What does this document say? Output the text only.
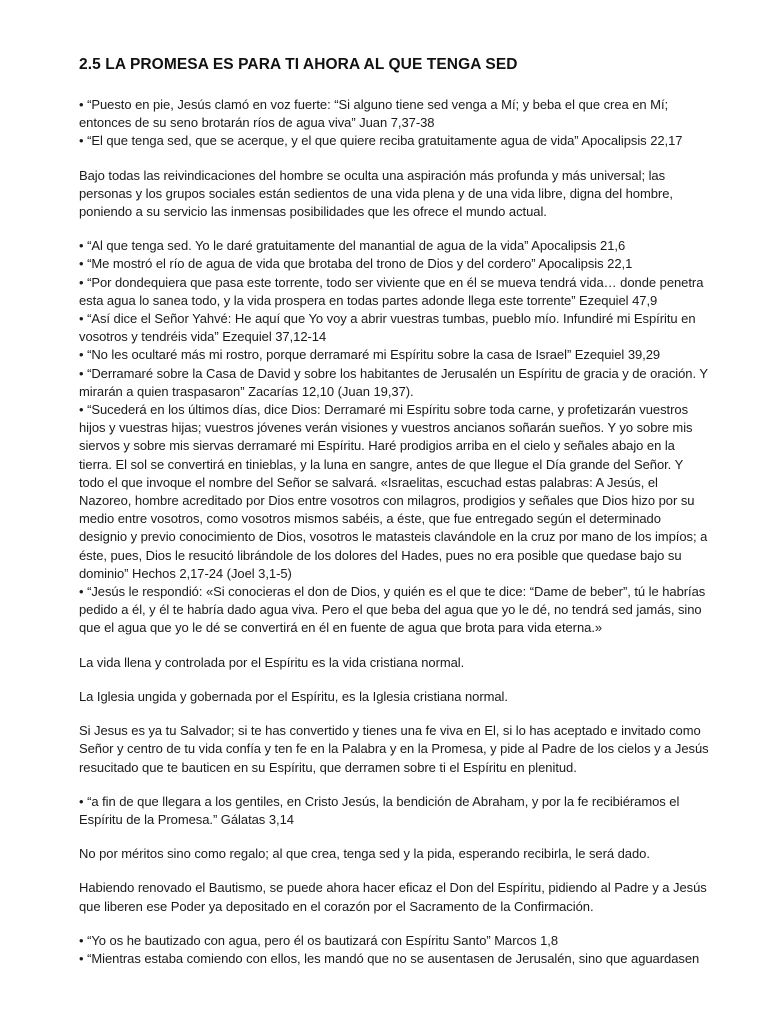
2.5 LA PROMESA ES PARA TI AHORA AL QUE TENGA SED

• “Puesto en pie, Jesús clamó en voz fuerte: “Si alguno tiene sed venga a Mí; y beba el que crea en Mí; entonces de su seno brotarán ríos de agua viva” Juan 7,37-38

• “El que tenga sed, que se acerque, y el que quiere reciba gratuitamente agua de vida” Apocalipsis 22,17

Bajo todas las reivindicaciones del hombre se oculta una aspiración más profunda y más universal; las personas y los grupos sociales están sedientos de una vida plena y de una vida libre, digna del hombre, poniendo a su servicio las inmensas posibilidades que les ofrece el mundo actual.

• “Al que tenga sed. Yo le daré gratuitamente del manantial de agua de la vida” Apocalipsis 21,6

• “Me mostró el río de agua de vida que brotaba del trono de Dios y del cordero” Apocalipsis 22,1

• “Por dondequiera que pasa este torrente, todo ser viviente que en él se mueva tendrá vida… donde penetra esta agua lo sanea todo, y la vida prospera en todas partes adonde llega este torrente” Ezequiel 47,9

• “Así dice el Señor Yahvé: He aquí que Yo voy a abrir vuestras tumbas, pueblo mío. Infundiré mi Espíritu en vosotros y tendréis vida” Ezequiel 37,12-14

• “No les ocultaré más mi rostro, porque derramaré mi Espíritu sobre la casa de Israel” Ezequiel 39,29

• “Derramaré sobre la Casa de David y sobre los habitantes de Jerusalén un Espíritu de gracia y de oración. Y mirarán a quien traspasaron” Zacarías 12,10 (Juan 19,37).

• “Sucederá en los últimos días, dice Dios: Derramaré mi Espíritu sobre toda carne, y profetizarán vuestros hijos y vuestras hijas; vuestros jóvenes verán visiones y vuestros ancianos soñarán sueños. Y yo sobre mis siervos y sobre mis siervas derramaré mi Espíritu. Haré prodigios arriba en el cielo y señales abajo en la tierra. El sol se convertirá en tinieblas, y la luna en sangre, antes de que llegue el Día grande del Señor. Y todo el que invoque el nombre del Señor se salvará. «Israelitas, escuchad estas palabras: A Jesús, el Nazoreo, hombre acreditado por Dios entre vosotros con milagros, prodigios y señales que Dios hizo por su medio entre vosotros, como vosotros mismos sabéis, a éste, que fue entregado según el determinado designio y previo conocimiento de Dios, vosotros le matasteis clavándole en la cruz por mano de los impíos; a éste, pues, Dios le resucitó librándole de los dolores del Hades, pues no era posible que quedase bajo su dominio” Hechos 2,17-24 (Joel 3,1-5)

• “Jesús le respondió: «Si conocieras el don de Dios, y quién es el que te dice: “Dame de beber”, tú le habrías pedido a él, y él te habría dado agua viva. Pero el que beba del agua que yo le dé, no tendrá sed jamás, sino que el agua que yo le dé se convertirá en él en fuente de agua que brota para vida eterna.»

La vida llena y controlada por el Espíritu es la vida cristiana normal.

La Iglesia ungida y gobernada por el Espíritu, es la Iglesia cristiana normal.

Si Jesus es ya tu Salvador; si te has convertido y tienes una fe viva en El, si lo has aceptado e invitado como Señor y centro de tu vida confía y ten fe en la Palabra y en la Promesa, y pide al Padre de los cielos y a Jesús resucitado que te bauticen en su Espíritu, que derramen sobre ti el Espíritu en plenitud.

• “a fin de que llegara a los gentiles, en Cristo Jesús, la bendición de Abraham, y por la fe recibiéramos el Espíritu de la Promesa.” Gálatas 3,14

No por méritos sino como regalo; al que crea, tenga sed y la pida, esperando recibirla, le será dado.

Habiendo renovado el Bautismo, se puede ahora hacer eficaz el Don del Espíritu, pidiendo al Padre y a Jesús que liberen ese Poder ya depositado en el corazón por el Sacramento de la Confirmación.

• “Yo os he bautizado con agua, pero él os bautizará con Espíritu Santo” Marcos 1,8

• “Mientras estaba comiendo con ellos, les mandó que no se ausentasen de Jerusalén, sino que aguardasen
